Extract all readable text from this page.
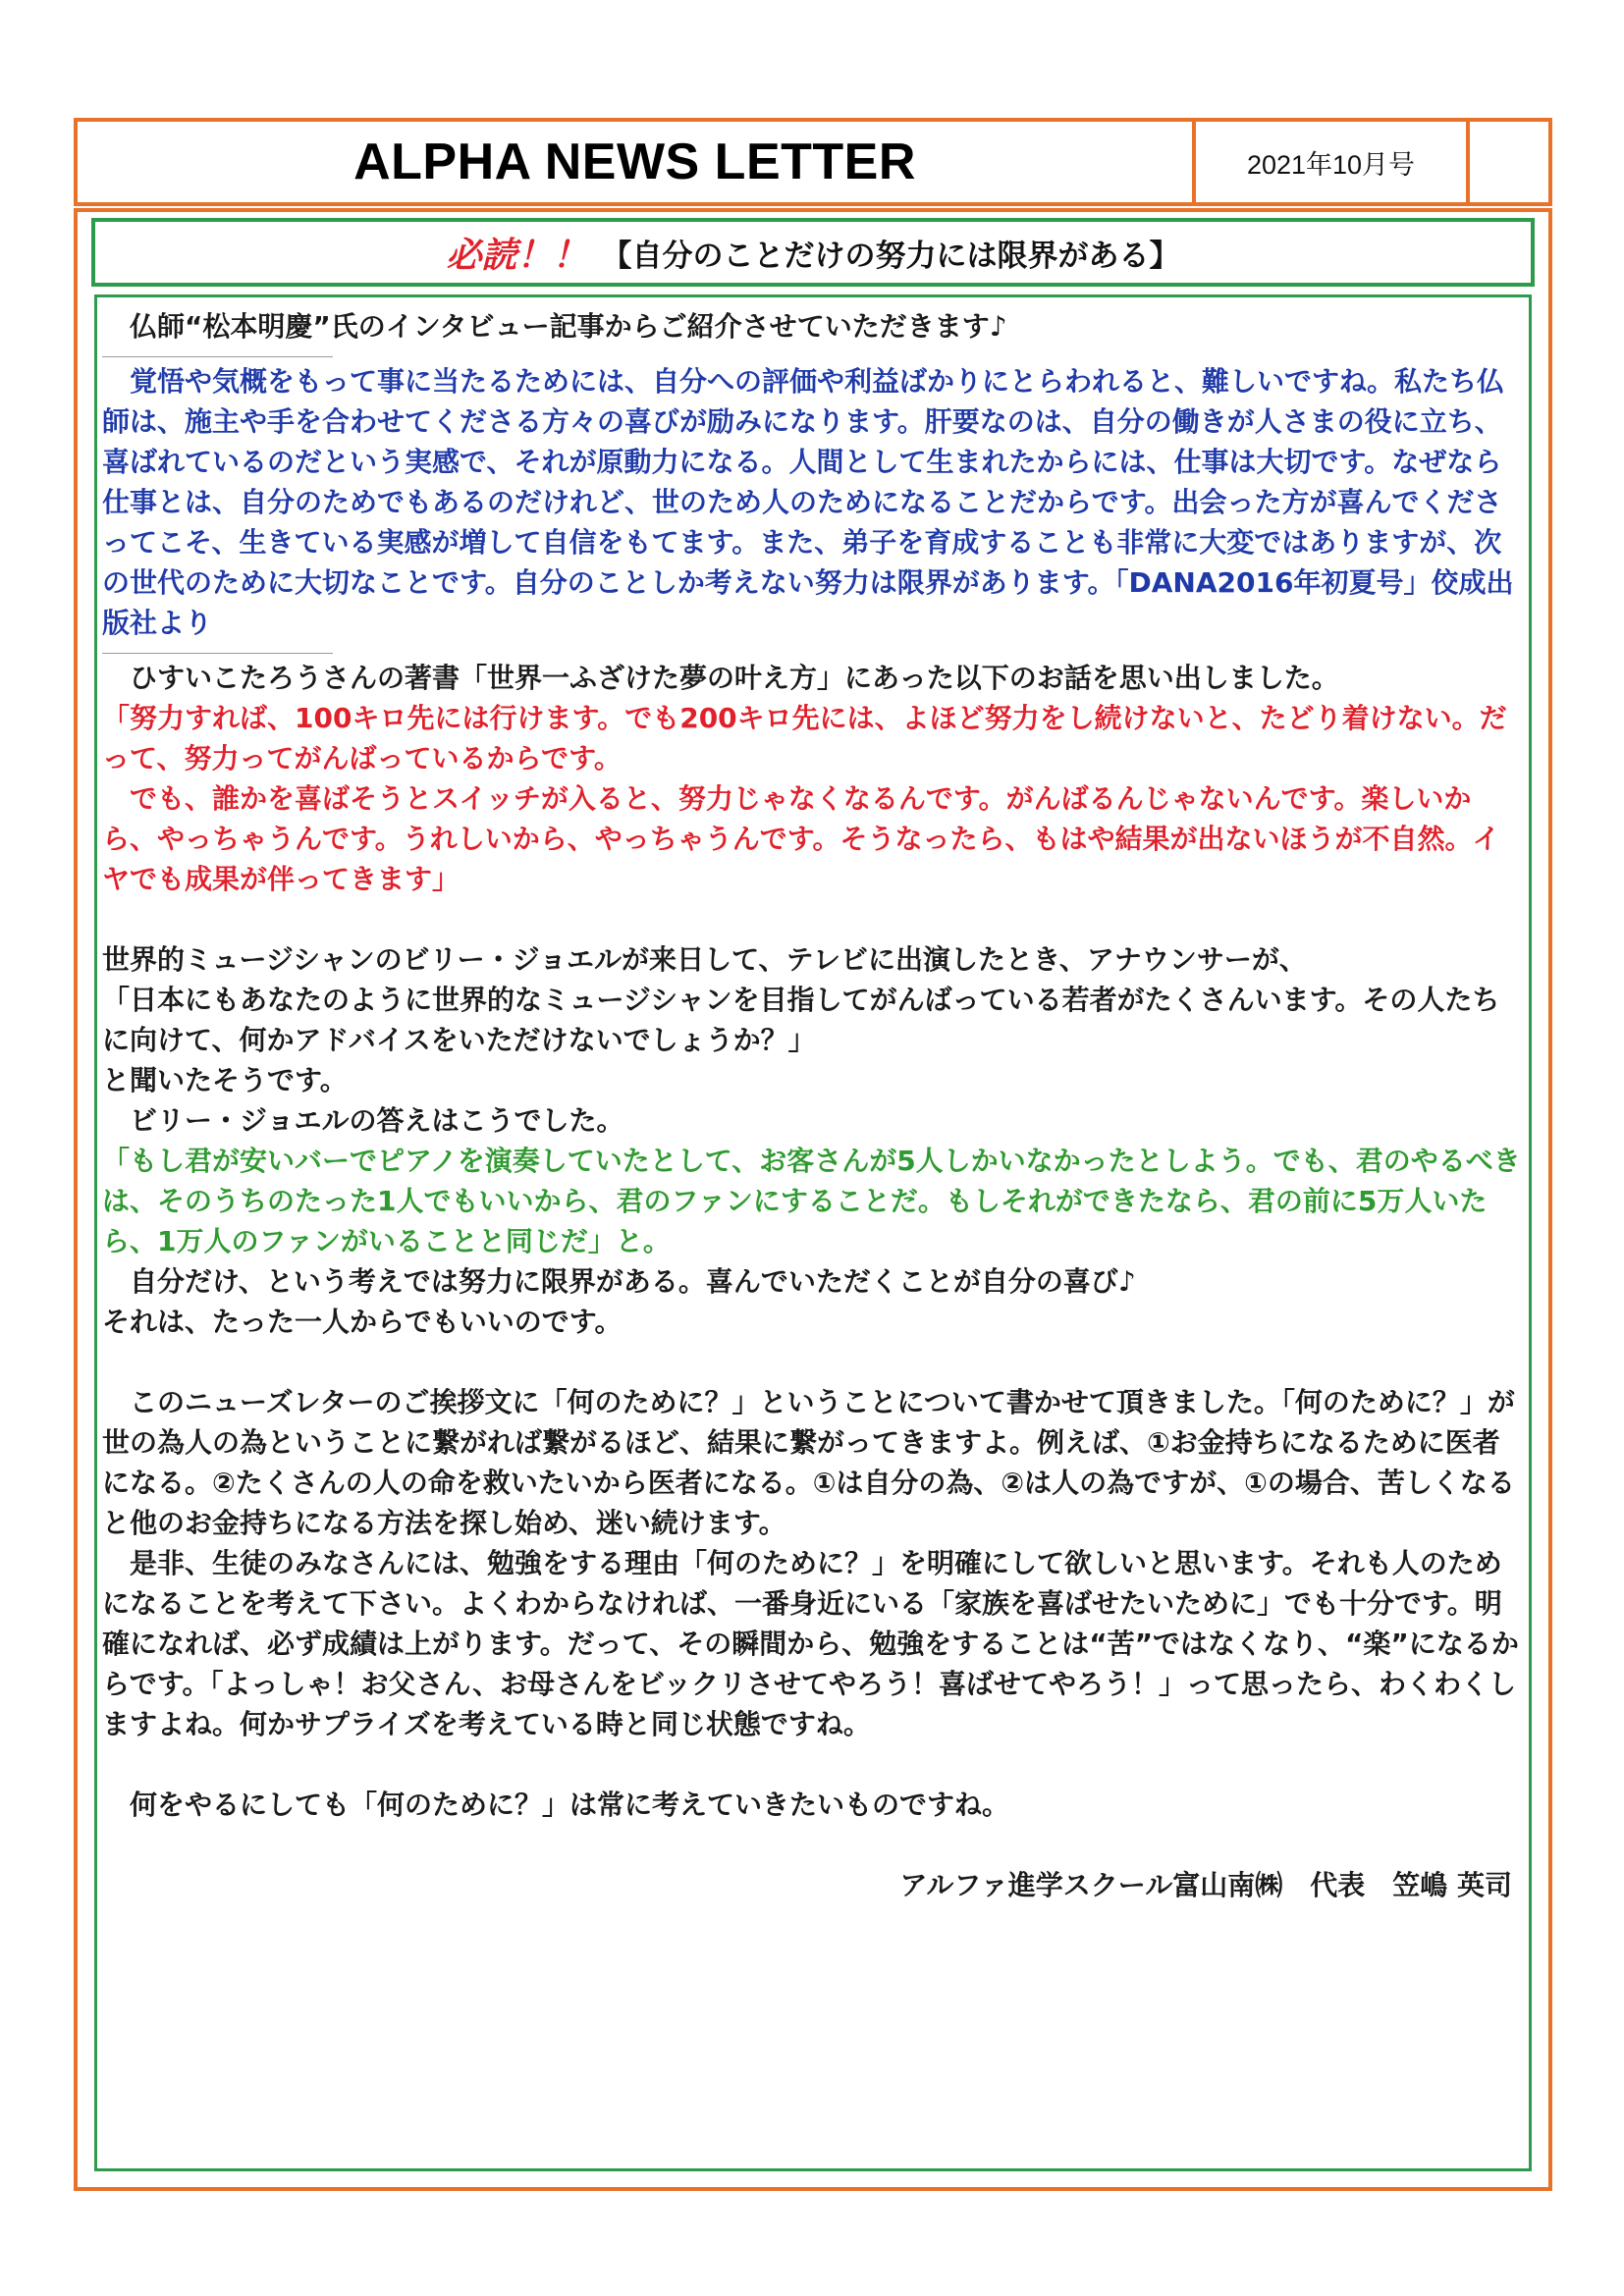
ALPHA NEWS LETTER	2021年10月号
必読！！ 【自分のことだけの努力には限界がある】

仏師“松本明慶”氏のインタビュー記事からご紹介させていただきます♪

覚悟や気概をもって事に当たるためには、自分への評価や利益ばかりにとらわれると、難しいですね。私たち仏師は、施主や手を合わせてくださる方々の喜びが励みになります。肝要なのは、自分の働きが人さまの役に立ち、喜ばれているのだという実感で、それが原動力になる。人間として生まれたからには、仕事は大切です。なぜなら仕事とは、自分のためでもあるのだけれど、世のため人のためになることだからです。出会った方が喜んでくださってこそ、生きている実感が増して自信をもてます。また、弟子を育成することも非常に大変ではありますが、次の世代のために大切なことです。自分のことしか考えない努力は限界があります。「DANA2016年初夏号」佼成出版社より

ひすいこたろうさんの著書「世界一ふざけた夢の叶え方」にあった以下のお話を思い出しました。

「努力すれば、100キロ先には行けます。でも200キロ先には、よほど努力をし続けないと、たどり着けない。だって、努力ってがんばっているからです。

でも、誰かを喜ばそうとスイッチが入ると、努力じゃなくなるんです。がんばるんじゃないんです。楽しいから、やっちゃうんです。うれしいから、やっちゃうんです。そうなったら、もはや結果が出ないほうが不自然。イヤでも成果が伴ってきます」

世界的ミュージシャンのビリー・ジョエルが来日して、テレビに出演したとき、アナウンサーが、

「日本にもあなたのように世界的なミュージシャンを目指してがんばっている若者がたくさんいます。その人たちに向けて、何かアドバイスをいただけないでしょうか？」

と聞いたそうです。

ビリー・ジョエルの答えはこうでした。

「もし君が安いバーでピアノを演奏していたとして、お客さんが5人しかいなかったとしよう。でも、君のやるべきは、そのうちのたった1人でもいいから、君のファンにすることだ。もしそれができたなら、君の前に5万人いたら、1万人のファンがいることと同じだ」と。

自分だけ、という考えでは努力に限界がある。喜んでいただくことが自分の喜び♪

それは、たった一人からでもいいのです。

このニューズレターのご挨拶文に「何のために？」ということについて書かせて頂きました。「何のために？」が世の為人の為ということに繋がれば繋がるほど、結果に繋がってきますよ。例えば、①お金持ちになるために医者になる。②たくさんの人の命を救いたいから医者になる。①は自分の為、②は人の為ですが、①の場合、苦しくなると他のお金持ちになる方法を探し始め、迷い続けます。

是非、生徒のみなさんには、勉強をする理由「何のために？」を明確にして欲しいと思います。それも人のためになることを考えて下さい。よくわからなければ、一番身近にいる「家族を喜ばせたいために」でも十分です。明確になれば、必ず成績は上がります。だって、その瞬間から、勉強をすることは“苦”ではなくなり、“楽”になるからです。「よっしゃ！お父さん、お母さんをビックリさせてやろう！喜ばせてやろう！」って思ったら、わくわくしますよね。何かサプライズを考えている時と同じ状態ですね。

何をやるにしても「何のために？」は常に考えていきたいものですね。

アルファ進学スクール富山南㈱　代表　笠嶋 英司
